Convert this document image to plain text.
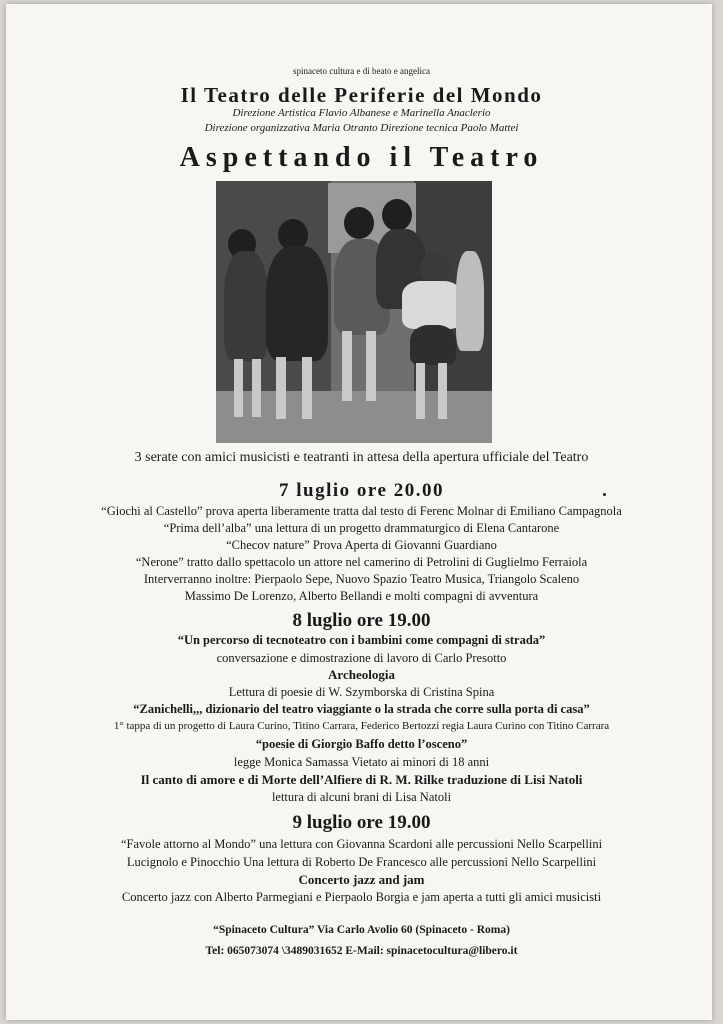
spinaceto cultura e di beato e angelica
Il Teatro delle Periferie del Mondo
Direzione Artistica Flavio Albanese e Marinella Anaclerio
Direzione organizzativa Maria Otranto Direzione tecnica Paolo Mattei
Aspettando il Teatro
3 serate con amici musicisti e teatranti in attesa della apertura ufficiale del Teatro
7 luglio ore 20.00
“Giochi al Castello” prova aperta liberamente tratta dal testo di Ferenc Molnar di Emiliano Campagnola
“Prima dell’alba” una lettura di un progetto drammaturgico di Elena Cantarone
“Checov nature” Prova Aperta di Giovanni Guardiano
“Nerone” tratto dallo spettacolo un attore nel camerino di Petrolini di Guglielmo Ferraiola
Interverranno inoltre: Pierpaolo Sepe, Nuovo Spazio Teatro Musica, Triangolo Scaleno
Massimo De Lorenzo, Alberto Bellandi e molti compagni di avventura
8 luglio ore 19.00
“Un percorso di tecnoteatro con i bambini come compagni di strada”
conversazione e dimostrazione di lavoro di Carlo Presotto
Archeologia
Lettura di poesie di W. Szymborska di Cristina Spina
“Zanichelli,,, dizionario del teatro viaggiante o la strada che corre sulla porta di casa”
1° tappa di un progetto di Laura Curino, Titino Carrara, Federico Bertozzi regia Laura Curino con Titino Carrara
“poesie di Giorgio Baffo detto l’osceno”
legge Monica Samassa Vietato ai minori di 18 anni
Il canto di amore e di Morte dell’Alfiere di R. M. Rilke traduzione di Lisi Natoli
lettura di alcuni brani di Lisa Natoli
9 luglio ore 19.00
“Favole attorno al Mondo” una lettura con Giovanna Scardoni alle percussioni Nello Scarpellini
Lucignolo e Pinocchio Una lettura di Roberto De Francesco alle percussioni Nello Scarpellini
Concerto jazz and jam
Concerto jazz con Alberto Parmegiani e Pierpaolo Borgia e jam aperta a tutti gli amici musicisti
“Spinaceto Cultura” Via Carlo Avolio 60 (Spinaceto - Roma)
Tel: 065073074 \3489031652 E-Mail: spinacetocultura@libero.it
